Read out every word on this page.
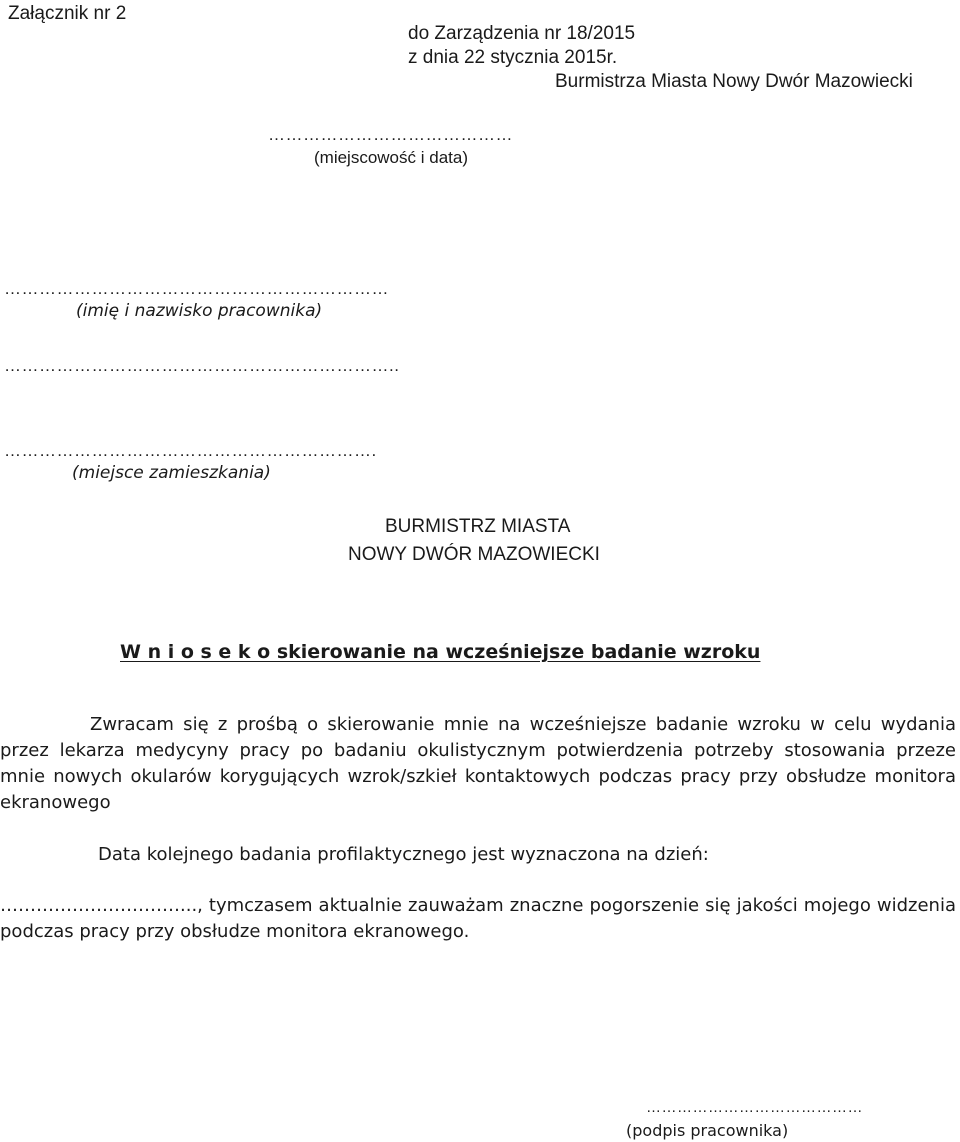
Załącznik nr 2
do Zarządzenia nr 18/2015
z dnia 22 stycznia 2015r.
Burmistrza Miasta Nowy Dwór Mazowiecki
……………………………………
(miejscowość i data)
…………………………………………………………
(imię i nazwisko pracownika)
…………………………………………………………..
……………………………………………………….
(miejsce zamieszkania)
BURMISTRZ MIASTA
NOWY DWÓR MAZOWIECKI
W n i o s e k o skierowanie na wcześniejsze badanie wzroku
Zwracam się z prośbą o skierowanie mnie na wcześniejsze badanie wzroku w celu wydania przez lekarza medycyny pracy po badaniu okulistycznym potwierdzenia potrzeby stosowania przeze mnie nowych okularów korygujących wzrok/szkieł kontaktowych podczas pracy przy obsłudze monitora ekranowego
Data kolejnego badania profilaktycznego jest wyznaczona na dzień:
…………………………..., tymczasem aktualnie zauważam znaczne pogorszenie się jakości mojego widzenia podczas pracy przy obsłudze monitora ekranowego.
……………………………………
(podpis pracownika)
